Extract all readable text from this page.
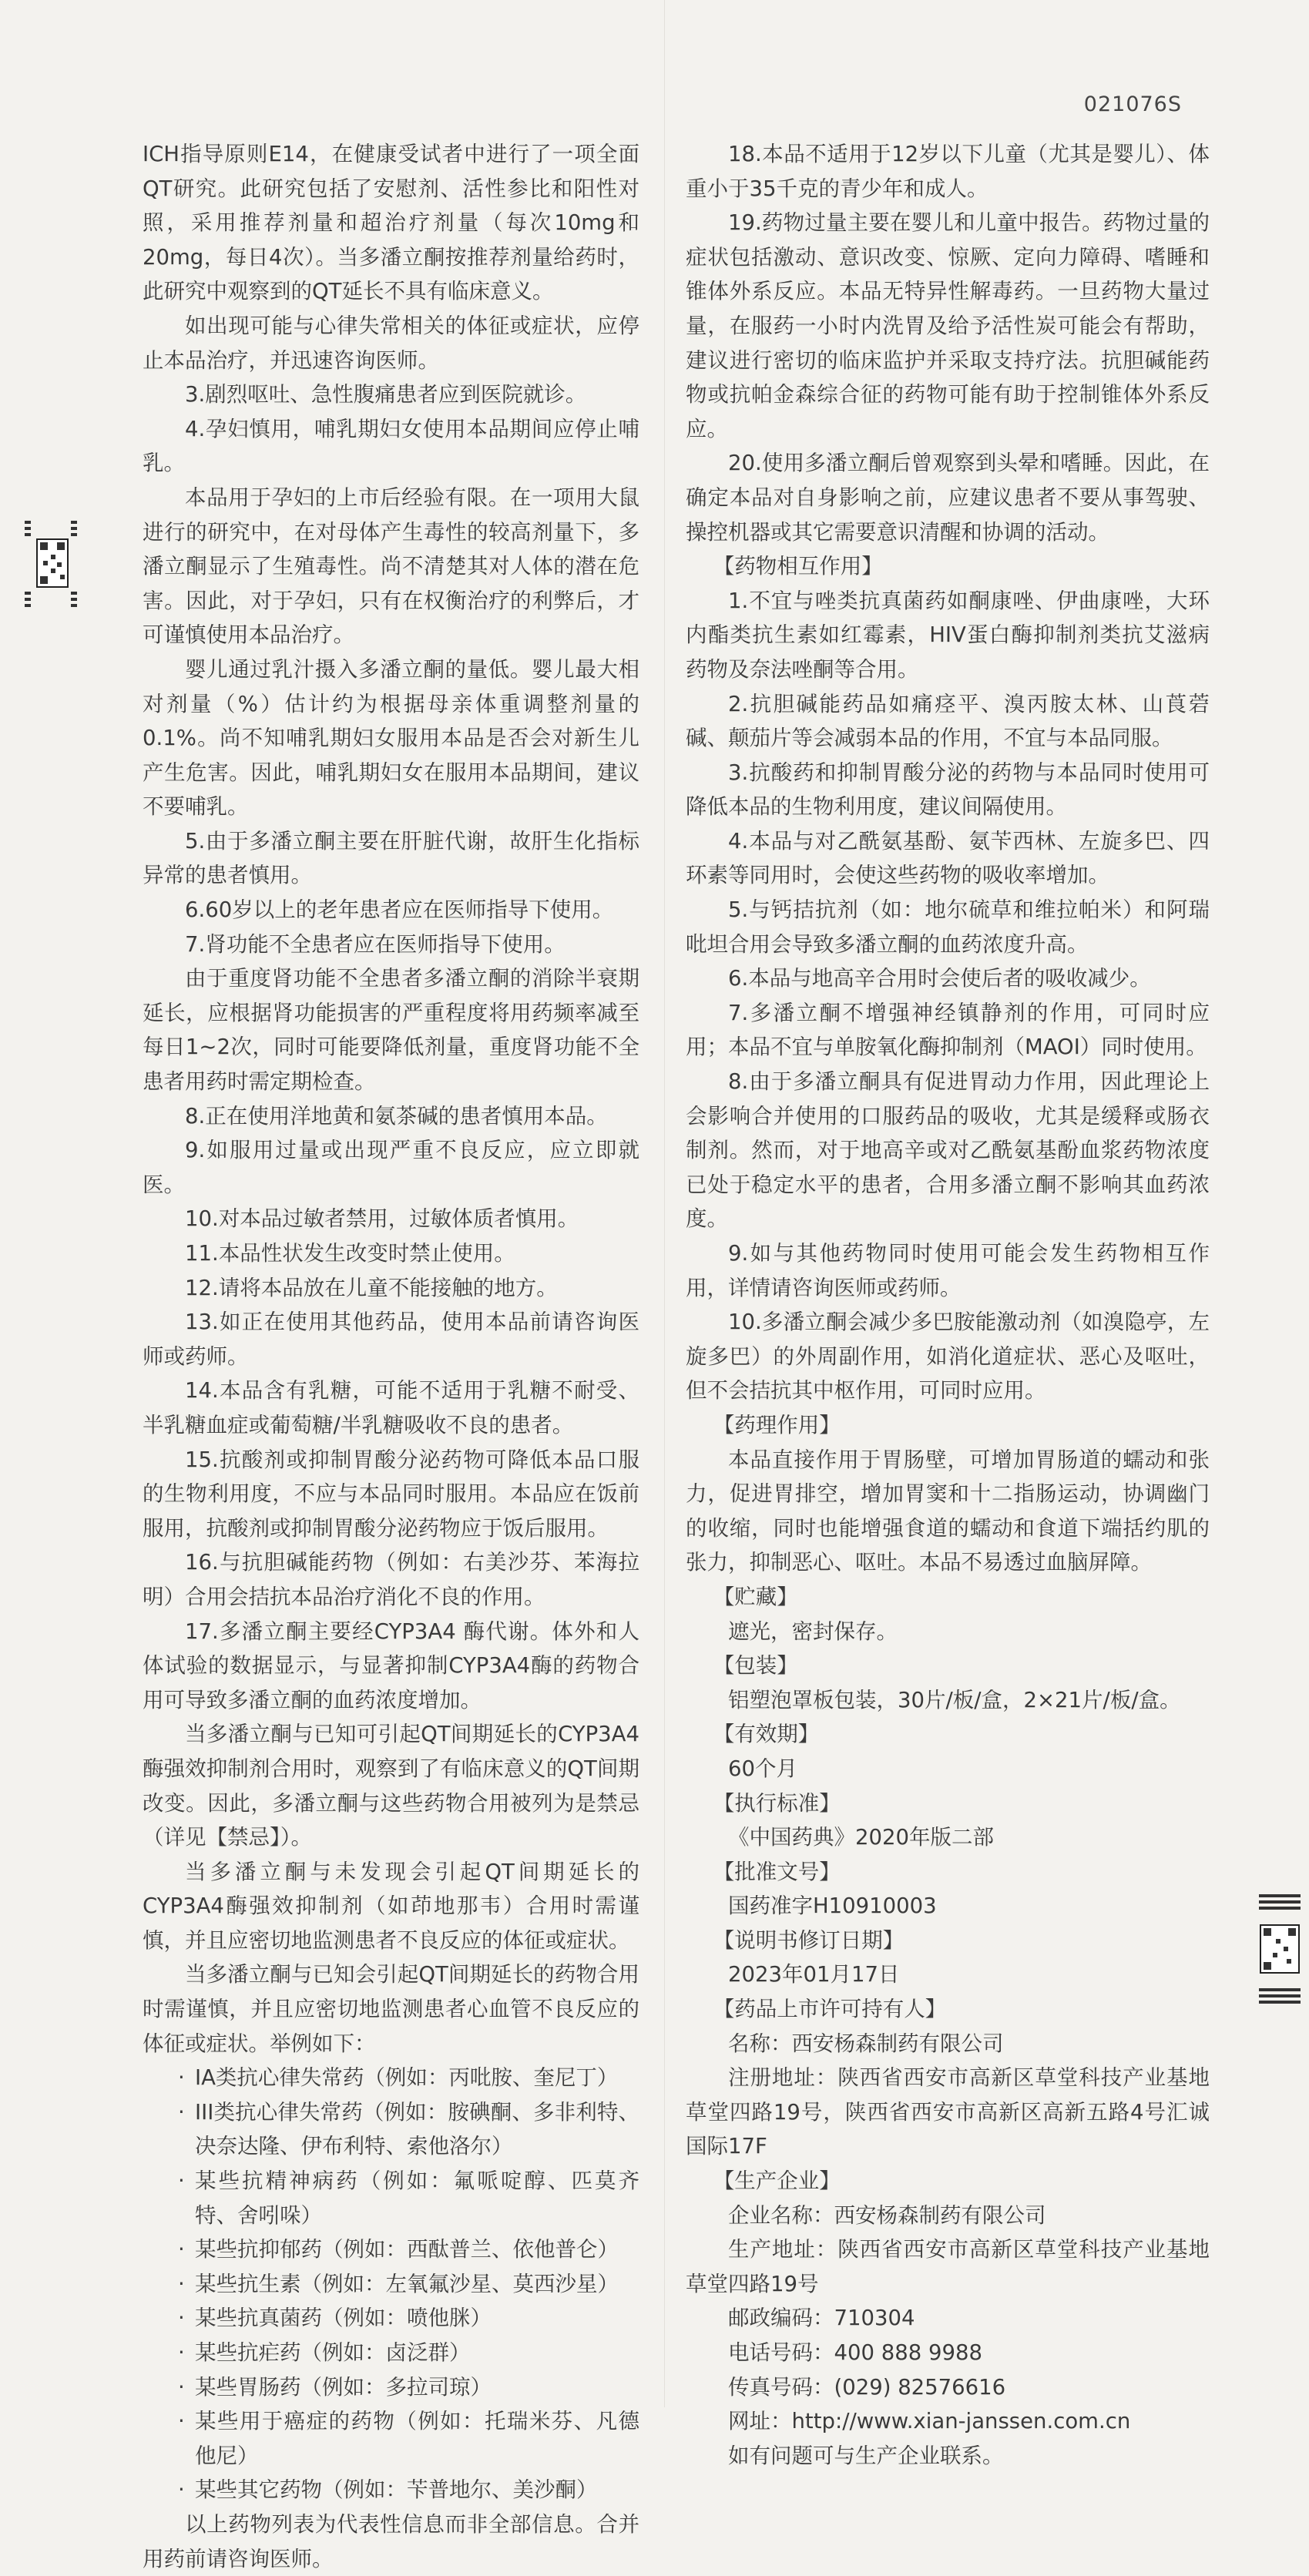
021076S

ICH指导原则E14，在健康受试者中进行了一项全面QT研究。此研究包括了安慰剂、活性参比和阳性对照，采用推荐剂量和超治疗剂量（每次10mg和20mg，每日4次）。当多潘立酮按推荐剂量给药时，此研究中观察到的QT延长不具有临床意义。

如出现可能与心律失常相关的体征或症状，应停止本品治疗，并迅速咨询医师。

3.剧烈呕吐、急性腹痛患者应到医院就诊。

4.孕妇慎用，哺乳期妇女使用本品期间应停止哺乳。

本品用于孕妇的上市后经验有限。在一项用大鼠进行的研究中，在对母体产生毒性的较高剂量下，多潘立酮显示了生殖毒性。尚不清楚其对人体的潜在危害。因此，对于孕妇，只有在权衡治疗的利弊后，才可谨慎使用本品治疗。

婴儿通过乳汁摄入多潘立酮的量低。婴儿最大相对剂量（%）估计约为根据母亲体重调整剂量的0.1%。尚不知哺乳期妇女服用本品是否会对新生儿产生危害。因此，哺乳期妇女在服用本品期间，建议不要哺乳。

5.由于多潘立酮主要在肝脏代谢，故肝生化指标异常的患者慎用。

6.60岁以上的老年患者应在医师指导下使用。

7.肾功能不全患者应在医师指导下使用。

由于重度肾功能不全患者多潘立酮的消除半衰期延长，应根据肾功能损害的严重程度将用药频率减至每日1~2次，同时可能要降低剂量，重度肾功能不全患者用药时需定期检查。

8.正在使用洋地黄和氨茶碱的患者慎用本品。

9.如服用过量或出现严重不良反应，应立即就医。

10.对本品过敏者禁用，过敏体质者慎用。

11.本品性状发生改变时禁止使用。

12.请将本品放在儿童不能接触的地方。

13.如正在使用其他药品，使用本品前请咨询医师或药师。

14.本品含有乳糖，可能不适用于乳糖不耐受、半乳糖血症或葡萄糖/半乳糖吸收不良的患者。

15.抗酸剂或抑制胃酸分泌药物可降低本品口服的生物利用度，不应与本品同时服用。本品应在饭前服用，抗酸剂或抑制胃酸分泌药物应于饭后服用。

16.与抗胆碱能药物（例如：右美沙芬、苯海拉明）合用会拮抗本品治疗消化不良的作用。

17.多潘立酮主要经CYP3A4 酶代谢。体外和人体试验的数据显示，与显著抑制CYP3A4酶的药物合用可导致多潘立酮的血药浓度增加。

当多潘立酮与已知可引起QT间期延长的CYP3A4酶强效抑制剂合用时，观察到了有临床意义的QT间期改变。因此，多潘立酮与这些药物合用被列为是禁忌（详见【禁忌】）。

当多潘立酮与未发现会引起QT间期延长的CYP3A4酶强效抑制剂（如茚地那韦）合用时需谨慎，并且应密切地监测患者不良反应的体征或症状。

当多潘立酮与已知会引起QT间期延长的药物合用时需谨慎，并且应密切地监测患者心血管不良反应的体征或症状。举例如下：

· IA类抗心律失常药（例如：丙吡胺、奎尼丁）
· III类抗心律失常药（例如：胺碘酮、多非利特、决奈达隆、伊布利特、索他洛尔）
· 某些抗精神病药（例如：氟哌啶醇、匹莫齐特、舍吲哚）
· 某些抗抑郁药（例如：西酞普兰、依他普仑）
· 某些抗生素（例如：左氧氟沙星、莫西沙星）
· 某些抗真菌药（例如：喷他脒）
· 某些抗疟药（例如：卤泛群）
· 某些胃肠药（例如：多拉司琼）
· 某些用于癌症的药物（例如：托瑞米芬、凡德他尼）
· 某些其它药物（例如：苄普地尔、美沙酮）

以上药物列表为代表性信息而非全部信息。合并用药前请咨询医师。

18.本品不适用于12岁以下儿童（尤其是婴儿）、体重小于35千克的青少年和成人。

19.药物过量主要在婴儿和儿童中报告。药物过量的症状包括激动、意识改变、惊厥、定向力障碍、嗜睡和锥体外系反应。本品无特异性解毒药。一旦药物大量过量，在服药一小时内洗胃及给予活性炭可能会有帮助，建议进行密切的临床监护并采取支持疗法。抗胆碱能药物或抗帕金森综合征的药物可能有助于控制锥体外系反应。

20.使用多潘立酮后曾观察到头晕和嗜睡。因此，在确定本品对自身影响之前，应建议患者不要从事驾驶、操控机器或其它需要意识清醒和协调的活动。

【药物相互作用】

1.不宜与唑类抗真菌药如酮康唑、伊曲康唑，大环内酯类抗生素如红霉素，HIV蛋白酶抑制剂类抗艾滋病药物及奈法唑酮等合用。

2.抗胆碱能药品如痛痉平、溴丙胺太林、山莨菪碱、颠茄片等会减弱本品的作用，不宜与本品同服。

3.抗酸药和抑制胃酸分泌的药物与本品同时使用可降低本品的生物利用度，建议间隔使用。

4.本品与对乙酰氨基酚、氨苄西林、左旋多巴、四环素等同用时，会使这些药物的吸收率增加。

5.与钙拮抗剂（如：地尔硫草和维拉帕米）和阿瑞吡坦合用会导致多潘立酮的血药浓度升高。

6.本品与地高辛合用时会使后者的吸收减少。

7.多潘立酮不增强神经镇静剂的作用，可同时应用；本品不宜与单胺氧化酶抑制剂（MAOI）同时使用。

8.由于多潘立酮具有促进胃动力作用，因此理论上会影响合并使用的口服药品的吸收，尤其是缓释或肠衣制剂。然而，对于地高辛或对乙酰氨基酚血浆药物浓度已处于稳定水平的患者，合用多潘立酮不影响其血药浓度。

9.如与其他药物同时使用可能会发生药物相互作用，详情请咨询医师或药师。

10.多潘立酮会减少多巴胺能激动剂（如溴隐亭，左旋多巴）的外周副作用，如消化道症状、恶心及呕吐，但不会拮抗其中枢作用，可同时应用。

【药理作用】

本品直接作用于胃肠壁，可增加胃肠道的蠕动和张力，促进胃排空，增加胃窦和十二指肠运动，协调幽门的收缩，同时也能增强食道的蠕动和食道下端括约肌的张力，抑制恶心、呕吐。本品不易透过血脑屏障。

【贮藏】

遮光，密封保存。

【包装】

铝塑泡罩板包装，30片/板/盒，2×21片/板/盒。

【有效期】

60个月

【执行标准】

《中国药典》2020年版二部

【批准文号】

国药准字H10910003

【说明书修订日期】

2023年01月17日

【药品上市许可持有人】

名称：西安杨森制药有限公司

注册地址：陕西省西安市高新区草堂科技产业基地草堂四路19号，陕西省西安市高新区高新五路4号汇诚国际17F

【生产企业】

企业名称：西安杨森制药有限公司

生产地址：陕西省西安市高新区草堂科技产业基地草堂四路19号

邮政编码：710304

电话号码：400 888 9988

传真号码：(029) 82576616

网址：http://www.xian-janssen.com.cn

如有问题可与生产企业联系。
